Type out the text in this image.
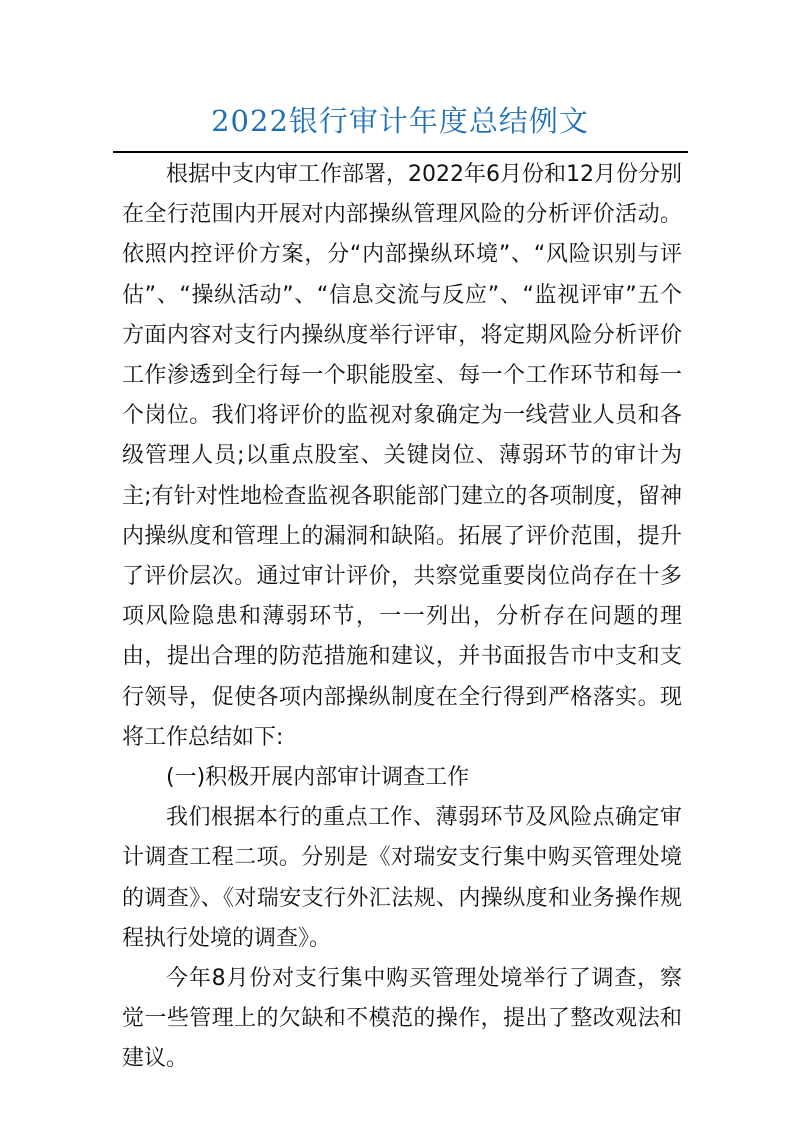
2022银行审计年度总结例文

根据中支内审工作部署，2022年6月份和12月份分别在全行范围内开展对内部操纵管理风险的分析评价活动。依照内控评价方案，分“内部操纵环境”、“风险识别与评估”、“操纵活动”、“信息交流与反应”、“监视评审”五个方面内容对支行内操纵度举行评审，将定期风险分析评价工作渗透到全行每一个职能股室、每一个工作环节和每一个岗位。我们将评价的监视对象确定为一线营业人员和各级管理人员;以重点股室、关键岗位、薄弱环节的审计为主;有针对性地检查监视各职能部门建立的各项制度，留神内操纵度和管理上的漏洞和缺陷。拓展了评价范围，提升了评价层次。通过审计评价，共察觉重要岗位尚存在十多项风险隐患和薄弱环节，一一列出，分析存在问题的理由，提出合理的防范措施和建议，并书面报告市中支和支行领导，促使各项内部操纵制度在全行得到严格落实。现将工作总结如下:

(一)积极开展内部审计调查工作

我们根据本行的重点工作、薄弱环节及风险点确定审计调查工程二项。分别是《对瑞安支行集中购买管理处境的调查》、《对瑞安支行外汇法规、内操纵度和业务操作规程执行处境的调查》。

今年8月份对支行集中购买管理处境举行了调查，察觉一些管理上的欠缺和不模范的操作，提出了整改观法和建议。
